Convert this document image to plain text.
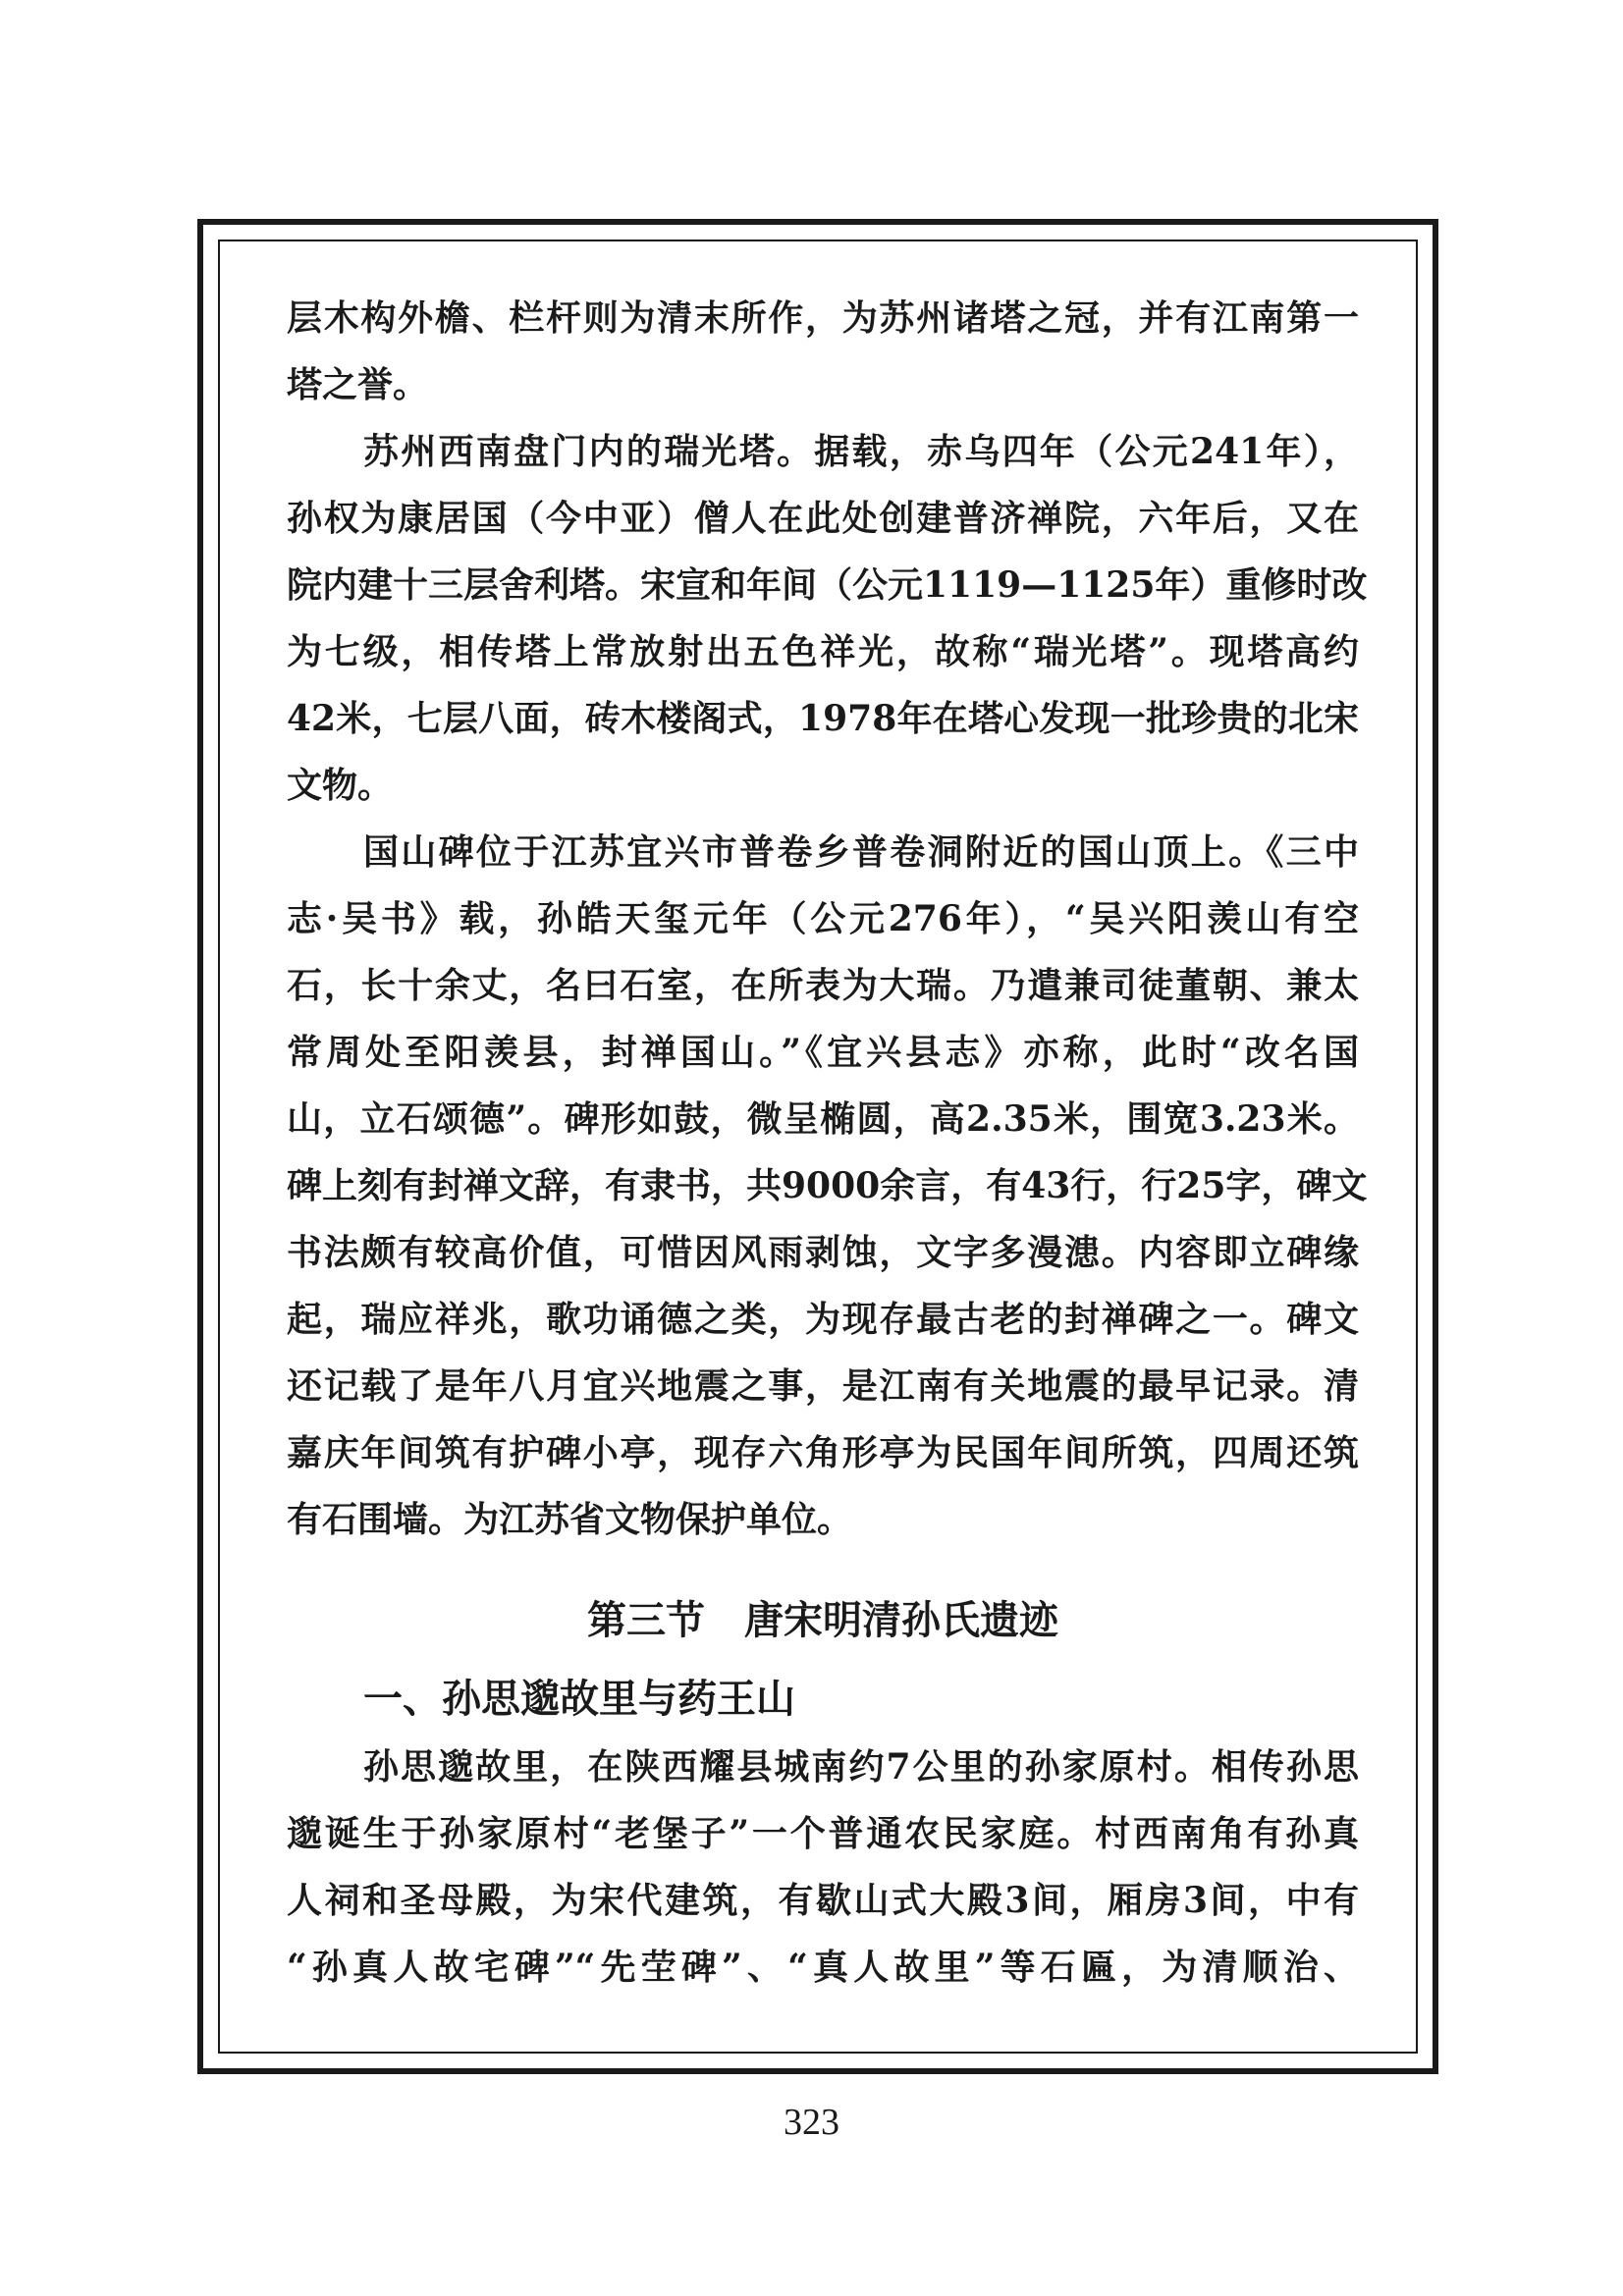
层木构外檐、栏杆则为清末所作，为苏州诸塔之冠，并有江南第一
塔之誉。
苏州西南盘门内的瑞光塔。据载，赤乌四年（公元241年），
孙权为康居国（今中亚）僧人在此处创建普济禅院，六年后，又在
院内建十三层舍利塔。宋宣和年间（公元1119—1125年）重修时改
为七级，相传塔上常放射出五色祥光，故称“瑞光塔”。现塔高约
42米，七层八面，砖木楼阁式，1978年在塔心发现一批珍贵的北宋
文物。
国山碑位于江苏宜兴市普卷乡普卷洞附近的国山顶上。《三中
志·吴书》载，孙皓天玺元年（公元276年），“吴兴阳羡山有空
石，长十余丈，名曰石室，在所表为大瑞。乃遣兼司徒董朝、兼太
常周处至阳羡县，封禅国山。”《宜兴县志》亦称，此时“改名国
山，立石颂德”。碑形如鼓，微呈椭圆，高2.35米，围宽3.23米。
碑上刻有封禅文辞，有隶书，共9000余言，有43行，行25字，碑文
书法颇有较高价值，可惜因风雨剥蚀，文字多漫漶。内容即立碑缘
起，瑞应祥兆，歌功诵德之类，为现存最古老的封禅碑之一。碑文
还记载了是年八月宜兴地震之事，是江南有关地震的最早记录。清
嘉庆年间筑有护碑小亭，现存六角形亭为民国年间所筑，四周还筑
有石围墙。为江苏省文物保护单位。
第三节　唐宋明清孙氏遗迹
一、孙思邈故里与药王山
孙思邈故里，在陕西耀县城南约7公里的孙家原村。相传孙思
邈诞生于孙家原村“老堡子”一个普通农民家庭。村西南角有孙真
人祠和圣母殿，为宋代建筑，有歇山式大殿3间，厢房3间，中有
“孙真人故宅碑”“先茔碑”、“真人故里”等石匾，为清顺治、
323
